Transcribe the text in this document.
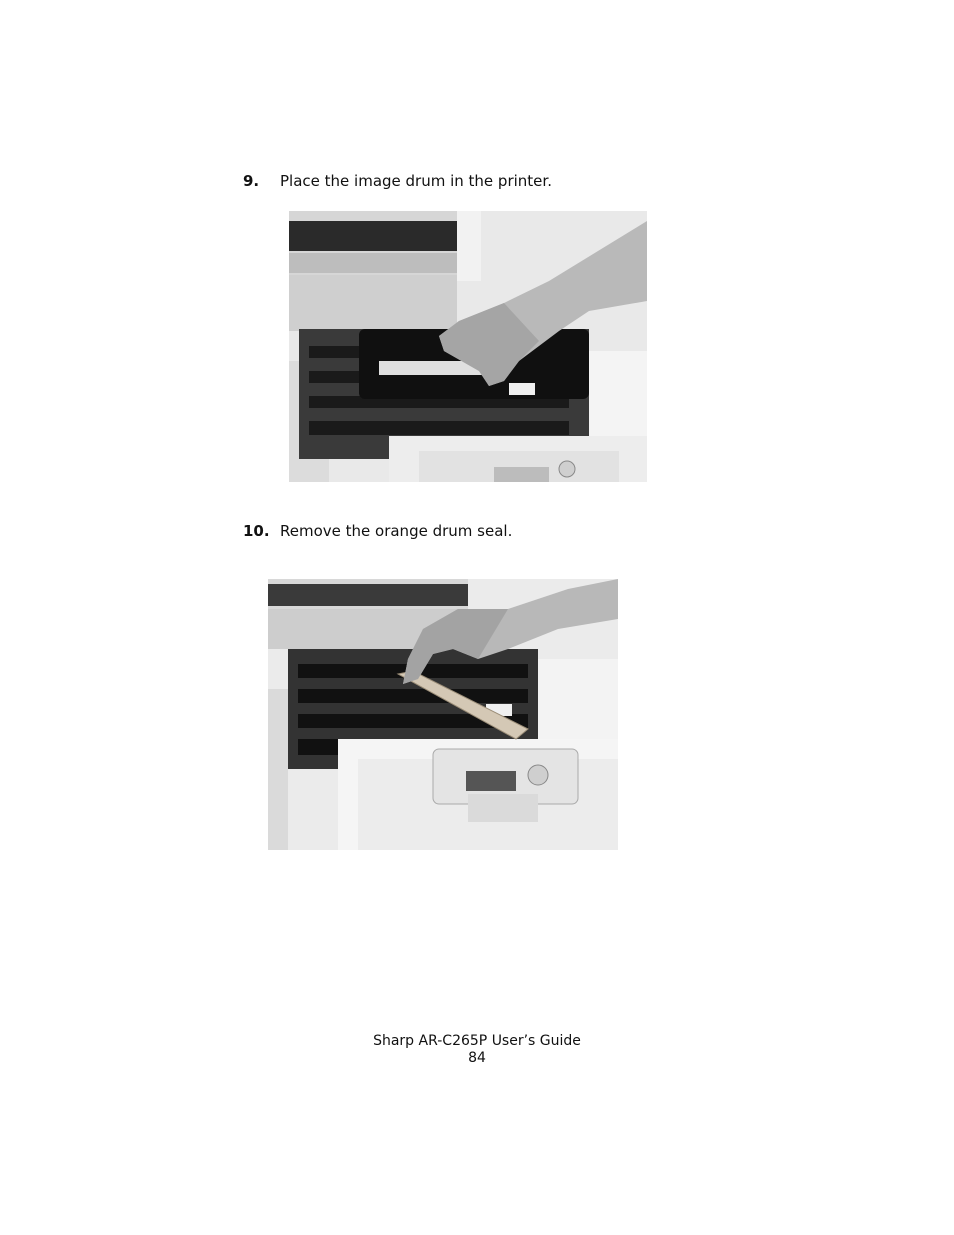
9. Place the image drum in the printer.
10. Remove the orange drum seal.
Sharp AR-C265P User’s Guide
84
